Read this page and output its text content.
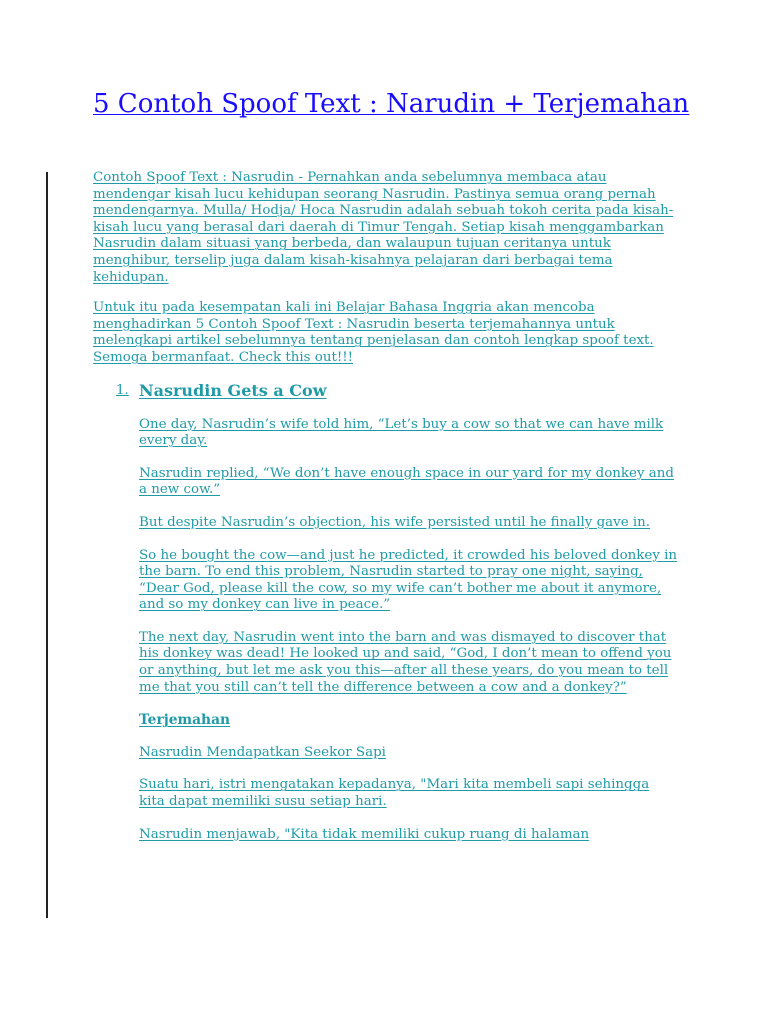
5 Contoh Spoof Text : Narudin + Terjemahan

Contoh Spoof Text : Nasrudin - Pernahkan anda sebelumnya membaca atau mendengar kisah lucu kehidupan seorang Nasrudin. Pastinya semua orang pernah mendengarnya. Mulla/ Hodja/ Hoca Nasrudin adalah sebuah tokoh cerita pada kisah-kisah lucu yang berasal dari daerah di Timur Tengah. Setiap kisah menggambarkan Nasrudin dalam situasi yang berbeda, dan walaupun tujuan ceritanya untuk menghibur, terselip juga dalam kisah-kisahnya pelajaran dari berbagai tema kehidupan.

Untuk itu pada kesempatan kali ini Belajar Bahasa Inggria akan mencoba menghadirkan 5 Contoh Spoof Text : Nasrudin beserta terjemahannya untuk melengkapi artikel sebelumnya tentang penjelasan dan contoh lengkap spoof text. Semoga bermanfaat. Check this out!!!

1. Nasrudin Gets a Cow

One day, Nasrudin’s wife told him, “Let’s buy a cow so that we can have milk every day.

Nasrudin replied, “We don’t have enough space in our yard for my donkey and a new cow.”

But despite Nasrudin’s objection, his wife persisted until he finally gave in.

So he bought the cow—and just he predicted, it crowded his beloved donkey in the barn. To end this problem, Nasrudin started to pray one night, saying, “Dear God, please kill the cow, so my wife can’t bother me about it anymore, and so my donkey can live in peace.”

The next day, Nasrudin went into the barn and was dismayed to discover that his donkey was dead! He looked up and said, “God, I don’t mean to offend you or anything, but let me ask you this—after all these years, do you mean to tell me that you still can’t tell the difference between a cow and a donkey?”

Terjemahan

Nasrudin Mendapatkan Seekor Sapi

Suatu hari, istri mengatakan kepadanya, "Mari kita membeli sapi sehingga kita dapat memiliki susu setiap hari.

Nasrudin menjawab, "Kita tidak memiliki cukup ruang di halaman
